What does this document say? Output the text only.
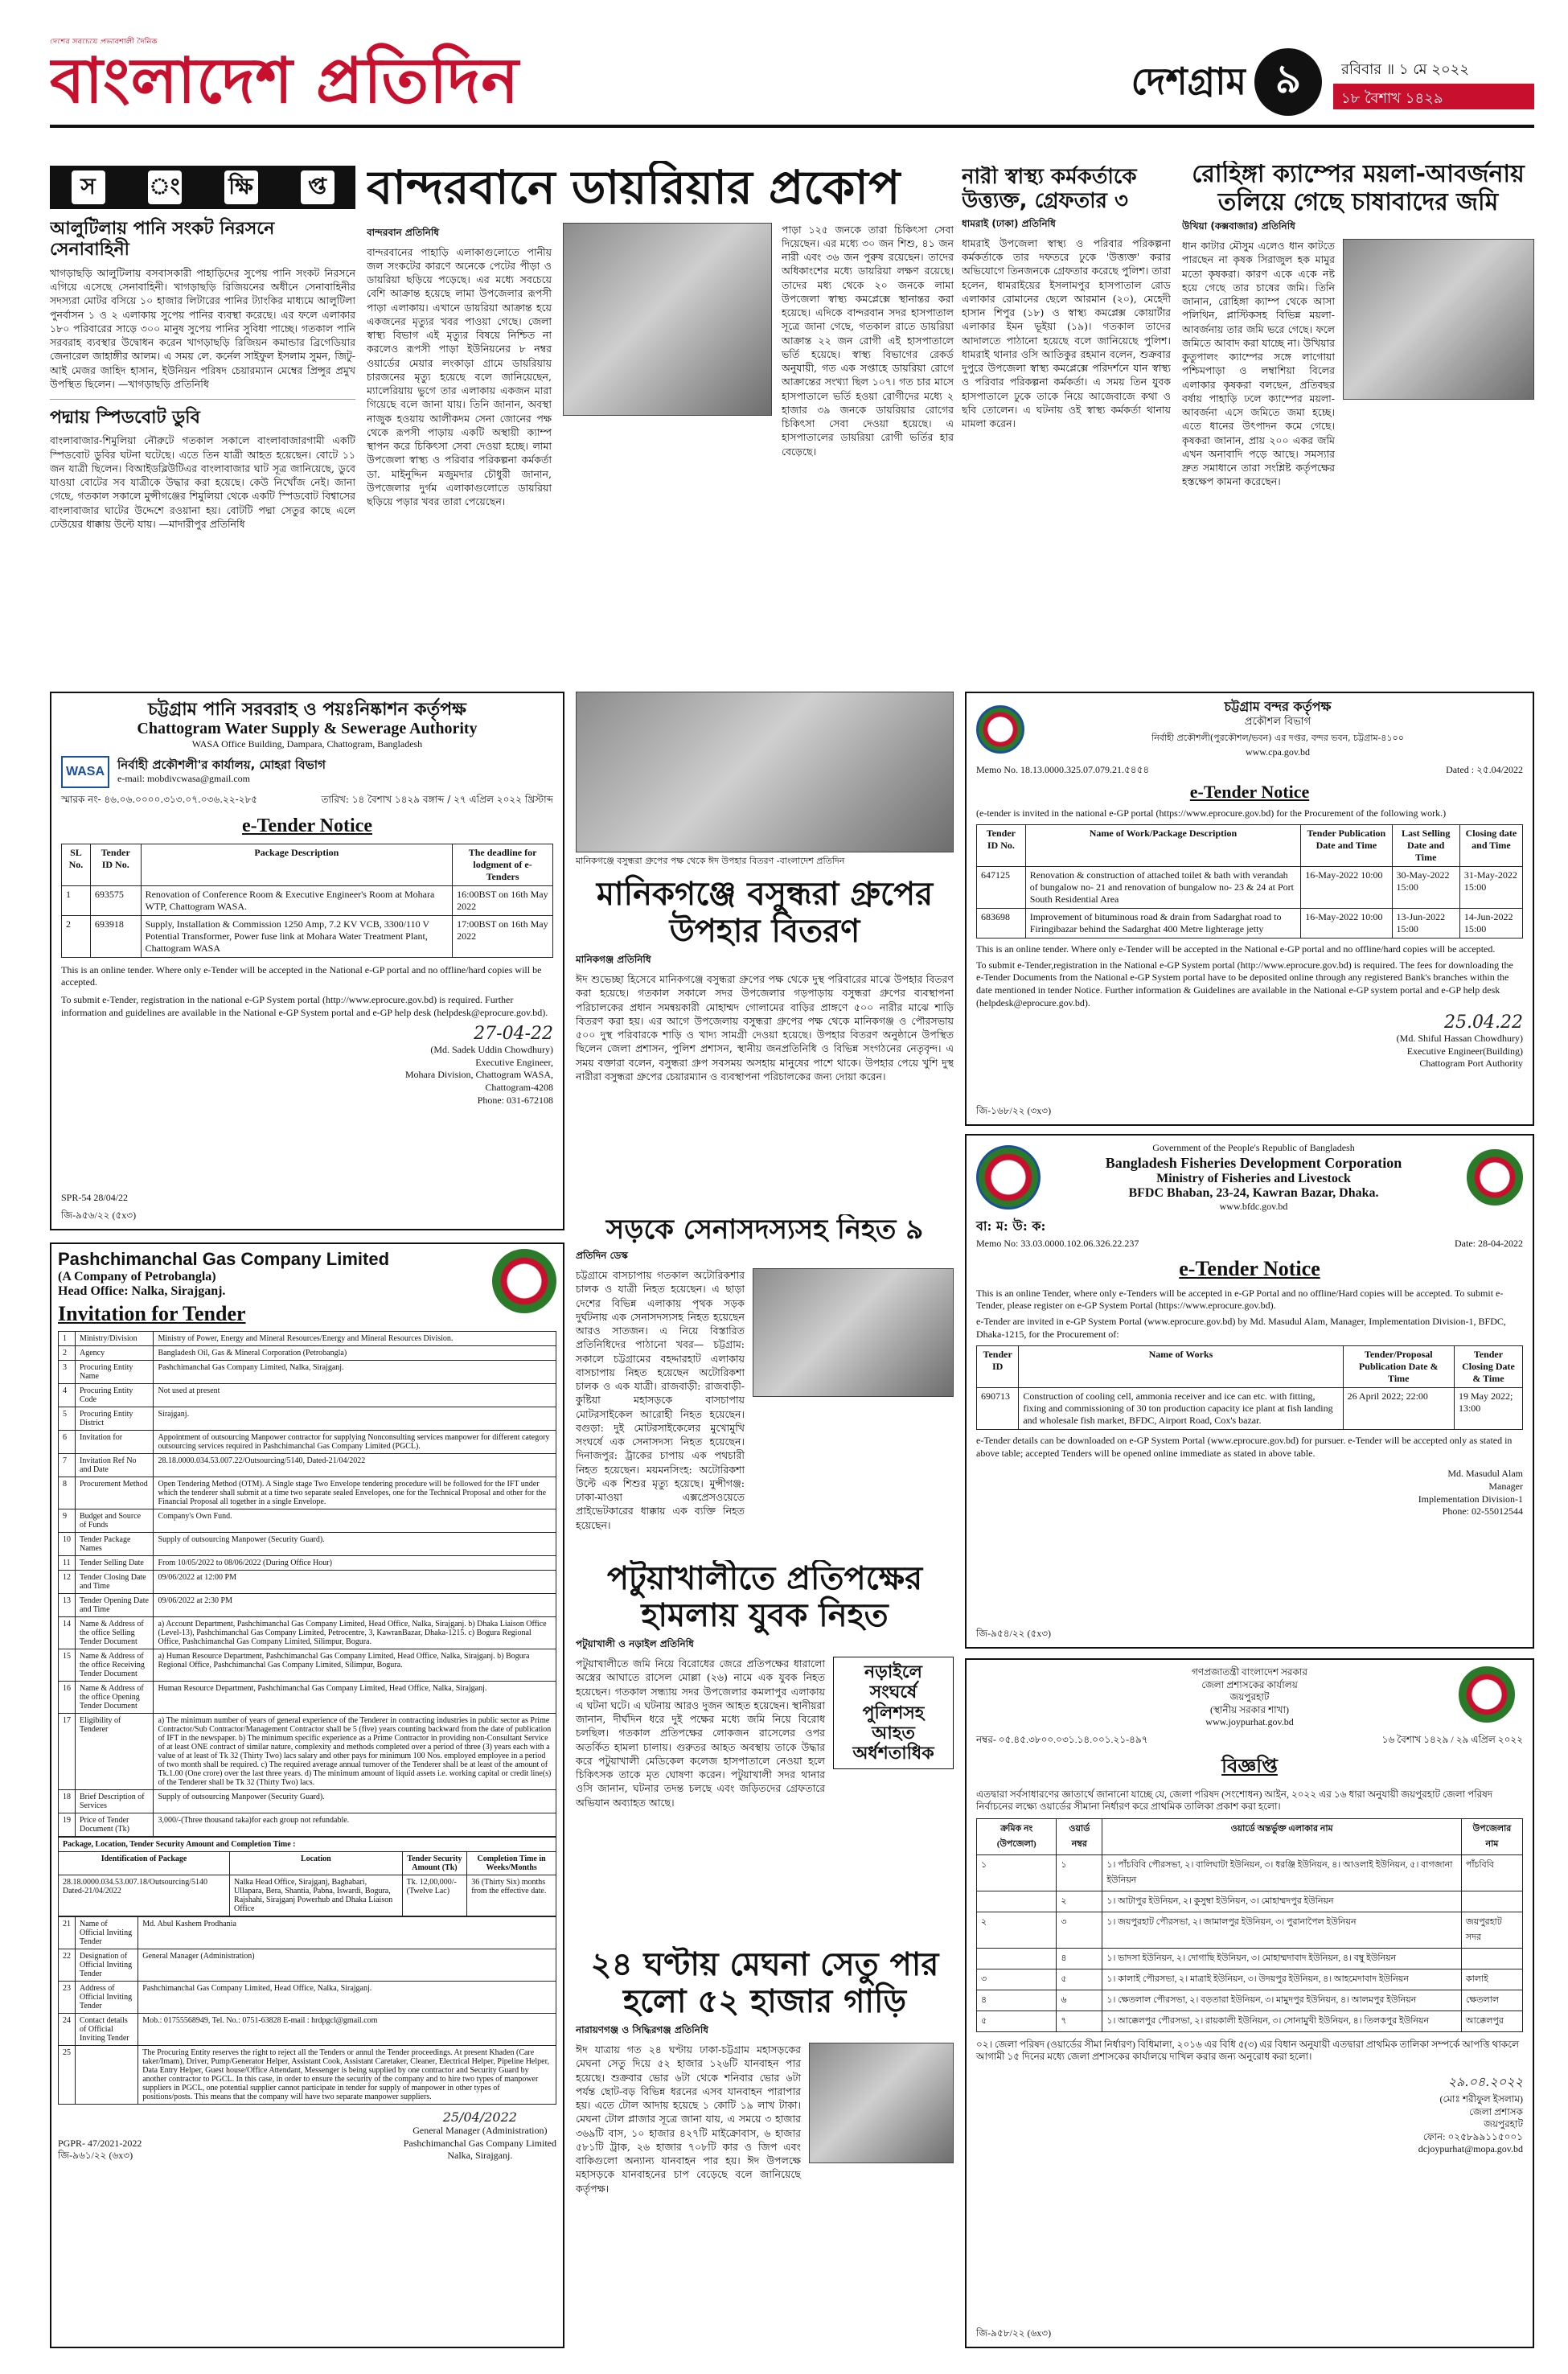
দেশের সবচেয়ে প্রভাবশালী দৈনিক
বাংলাদেশ প্রতিদিন	দেশগ্রাম ৯	রবিবার ॥ ১ মে ২০২২
১৮ বৈশাখ ১৪২৯
স	ং ক্ষি	প্ত
আলুটিলায় পানি সংকট নিরসনে সেনাবাহিনী
খাগড়াছড়ি আলুটিলায় বসবাসকারী পাহাড়িদের সুপেয় পানি সংকট নিরসনে এগিয়ে এসেছে সেনাবাহিনী। খাগড়াছড়ি রিজিয়নের অধীনে সেনাবাহিনীর সদস্যরা মোটর বসিয়ে ১০ হাজার লিটারের পানির ট্যাংকির মাধ্যমে আলুটিলা পুনর্বাসন ১ ও ২ এলাকায় সুপেয় পানির ব্যবস্থা করেছে। এর ফলে এলাকার ১৮০ পরিবারের সাড়ে ৩০০ মানুষ সুপেয় পানির সুবিধা পাচ্ছে। গতকাল পানি সরবরাহ ব্যবস্থার উদ্বোধন করেন খাগড়াছড়ি রিজিয়ন কমান্ডার ব্রিগেডিয়ার জেনারেল জাহাঙ্গীর আলম। এ সময় লে. কর্নেল সাইফুল ইসলাম সুমন, জিটু-আই মেজর জাহিদ হাসান, ইউনিয়ন পরিষদ চেয়ারম্যান মেম্বের প্রিন্সুর প্রমুখ উপস্থিত ছিলেন। —খাগড়াছড়ি প্রতিনিধি
পদ্মায় স্পিডবোট ডুবি
বাংলাবাজার-শিমুলিয়া নৌরুটে গতকাল সকালে বাংলাবাজারগামী একটি স্পিডবোট ডুবির ঘটনা ঘটেছে। এতে তিন যাত্রী আহত হয়েছেন। বোটে ১১ জন যাত্রী ছিলেন। বিআইডব্লিউটিএর বাংলাবাজার ঘাট সূত্র জানিয়েছে, ডুবে যাওয়া বোটের সব যাত্রীকে উদ্ধার করা হয়েছে। কেউ নিখোঁজ নেই। জানা গেছে, গতকাল সকালে মুন্সীগঞ্জের শিমুলিয়া থেকে একটি স্পিডবোট বিশ্বাসের বাংলাবাজার ঘাটের উদ্দেশে রওয়ানা হয়। বোটটি পদ্মা সেতুর কাছে এলে ঢেউয়ের ধাক্কায় উল্টে যায়। —মাদারীপুর প্রতিনিধি
বান্দরবানে ডায়রিয়ার প্রকোপ
বান্দরবান প্রতিনিধি
বান্দরবানের পাহাড়ি এলাকাগুলোতে পানীয় জল সংকটের কারণে অনেকে পেটের পীড়া ও ডায়রিয়া ছড়িয়ে পড়েছে। এর মধ্যে সবচেয়ে বেশি আক্রান্ত হয়েছে লামা উপজেলার রূপসী পাড়া এলাকায়। এখানে ডায়রিয়া আক্রান্ত হয়ে একজনের মৃত্যুর খবর পাওয়া গেছে। জেলা স্বাস্থ্য বিভাগ এই মৃত্যুর বিষয়ে নিশ্চিত না করলেও রূপসী পাড়া ইউনিয়নের ৮ নম্বর ওয়ার্ডের মেয়ার লংকাড়া গ্রামে ডায়রিয়ায় চারজনের মৃত্যু হয়েছে বলে জানিয়েছেন, ম্যালেরিয়ায় ভুগে তার এলাকায় একজন মারা গিয়েছে বলে জানা যায়। তিনি জানান, অবস্থা নাজুক হওয়ায় আলীকদম সেনা জোনের পক্ষ থেকে রূপসী পাড়ায় একটি অস্থায়ী ক্যাম্প স্থাপন করে চিকিৎসা সেবা দেওয়া হচ্ছে। লামা উপজেলা স্বাস্থ্য ও পরিবার পরিকল্পনা কর্মকর্তা ডা. মাইনুদ্দিন মজুমদার চৌধুরী জানান, উপজেলার দুর্গম এলাকাগুলোতে ডায়রিয়া ছড়িয়ে পড়ার খবর তারা পেয়েছেন।
পাড়া ১২৫ জনকে তারা চিকিৎসা সেবা দিয়েছেন। এর মধ্যে ৩০ জন শিশু, ৪১ জন নারী এবং ৩৬ জন পুরুষ রয়েছেন। তাদের অধিকাংশের মধ্যে ডায়রিয়া লক্ষণ রয়েছে। তাদের মধ্য থেকে ২০ জনকে লামা উপজেলা স্বাস্থ্য কমপ্লেক্সে স্থানান্তর করা হয়েছে। এদিকে বান্দরবান সদর হাসপাতাল সূত্রে জানা গেছে, গতকাল রাতে ডায়রিয়া আক্রান্ত ২২ জন রোগী এই হাসপাতালে ভর্তি হয়েছে। স্বাস্থ্য বিভাগের রেকর্ড অনুযায়ী, গত এক সপ্তাহে ডায়রিয়া রোগে আক্রান্তের সংখ্যা ছিল ১০৭। গত চার মাসে হাসপাতালে ভর্তি হওয়া রোগীদের মধ্যে ২ হাজার ৩৯ জনকে ডায়রিয়ার রোগের চিকিৎসা সেবা দেওয়া হয়েছে। এ হাসপাতালের ডায়রিয়া রোগী ভর্তির হার বেড়েছে।
নারী স্বাস্থ্য কর্মকর্তাকে উত্ত্যক্ত, গ্রেফতার ৩
ধামরাই (ঢাকা) প্রতিনিধি
ধামরাই উপজেলা স্বাস্থ্য ও পরিবার পরিকল্পনা কর্মকর্তাকে তার দফতরে ঢুকে 'উত্ত্যক্ত' করার অভিযোগে তিনজনকে গ্রেফতার করেছে পুলিশ। তারা হলেন, ধামরাইয়ের ইসলামপুর হাসপাতাল রোড এলাকার রোমানের ছেলে আরমান (২০), মেহেদী হাসান শিপুর (১৮) ও স্বাস্থ্য কমপ্লেক্স কোয়ার্টার এলাকার ইমন ভূইয়া (১৯)। গতকাল তাদের আদালতে পাঠানো হয়েছে বলে জানিয়েছে পুলিশ। ধামরাই থানার ওসি আতিকুর রহমান বলেন, শুক্রবার দুপুরে উপজেলা স্বাস্থ্য কমপ্লেক্সে পরিদর্শনে যান স্বাস্থ্য ও পরিবার পরিকল্পনা কর্মকর্তা। এ সময় তিন যুবক হাসপাতালে ঢুকে তাকে নিয়ে আজেবাজে কথা ও ছবি তোলেন। এ ঘটনায় ওই স্বাস্থ্য কর্মকর্তা থানায় মামলা করেন।
রোহিঙ্গা ক্যাম্পের ময়লা-আবর্জনায় তলিয়ে গেছে চাষাবাদের জমি
উখিয়া (কক্সবাজার) প্রতিনিধি
ধান কাটার মৌসুম এলেও ধান কাটতে পারছেন না কৃষক সিরাজুল হক মামুর মতো কৃষকরা। কারণ একে একে নষ্ট হয়ে গেছে তার চাষের জমি। তিনি জানান, রোহিঙ্গা ক্যাম্প থেকে আসা পলিথিন, প্লাস্টিকসহ বিভিন্ন ময়লা-আবর্জনায় তার জমি ভরে গেছে। ফলে জমিতে আবাদ করা যাচ্ছে না। উখিয়ার কুতুপালং ক্যাম্পের সঙ্গে লাগোয়া পশ্চিমপাড়া ও লম্বাশিয়া বিলের এলাকার কৃষকরা বলছেন, প্রতিবছর বর্ষায় পাহাড়ি ঢলে ক্যাম্পের ময়লা-আবর্জনা এসে জমিতে জমা হচ্ছে। এতে ধানের উৎপাদন কমে গেছে। কৃষকরা জানান, প্রায় ২০০ একর জমি এখন অনাবাদি পড়ে আছে। সমস্যার দ্রুত সমাধানে তারা সংশ্লিষ্ট কর্তৃপক্ষের হস্তক্ষেপ কামনা করেছেন।
চট্টগ্রাম পানি সরবরাহ ও পয়ঃনিষ্কাশন কর্তৃপক্ষ
Chattogram Water Supply & Sewerage Authority
WASA Office Building, Dampara, Chattogram, Bangladesh
WASA	নির্বাহী প্রকৌশলী'র কার্যালয়, মোহরা বিভাগ
e-mail: mobdivcwasa@gmail.com
স্মারক নং- ৪৬.০৬.০০০০.৩১৩.০৭.০৩৬.২২-২৮৫	তারিখ: ১৪ বৈশাখ ১৪২৯ বঙ্গাব্দ / ২৭ এপ্রিল ২০২২ খ্রিস্টাব্দ
e-Tender Notice
SL No.	Tender ID No.	Package Description	The deadline for lodgment of e-Tenders
1	693575	Renovation of Conference Room & Executive Engineer's Room at Mohara WTP, Chattogram WASA.	16:00BST on 16th May 2022
2	693918	Supply, Installation & Commission 1250 Amp, 7.2 KV VCB, 3300/110 V Potential Transformer, Power fuse link at Mohara Water Treatment Plant, Chattogram WASA	17:00BST on 16th May 2022
This is an online tender. Where only e-Tender will be accepted in the National e-GP portal and no offline/hard copies will be accepted.
To submit e-Tender, registration in the national e-GP System portal (http://www.eprocure.gov.bd) is required. Further information and guidelines are available in the National e-GP System portal and e-GP help desk (helpdesk@eprocure.gov.bd).
27-04-22
(Md. Sadek Uddin Chowdhury)
Executive Engineer,
Mohara Division, Chattogram WASA,
Chattogram-4208
Phone: 031-672108
SPR-54 28/04/22
জি-৯৫৬/২২ (৫x৩)
মানিকগঞ্জে বসুন্ধরা গ্রুপের পক্ষ থেকে ঈদ উপহার বিতরণ -বাংলাদেশ প্রতিদিন
মানিকগঞ্জে বসুন্ধরা গ্রুপের উপহার বিতরণ
মানিকগঞ্জ প্রতিনিধি
ঈদ শুভেচ্ছা হিসেবে মানিকগঞ্জে বসুন্ধরা গ্রুপের পক্ষ থেকে দুস্থ পরিবারের মাঝে উপহার বিতরণ করা হয়েছে। গতকাল সকালে সদর উপজেলার গড়পাড়ায় বসুন্ধরা গ্রুপের ব্যবস্থাপনা পরিচালকের প্রধান সমন্বয়কারী মোহাম্মদ গোলামের বাড়ির প্রাঙ্গণে ৫০০ নারীর মাঝে শাড়ি বিতরণ করা হয়। এর আগে উপজেলায় বসুন্ধরা গ্রুপের পক্ষ থেকে মানিকগঞ্জ ও পৌরসভায় ৫০০ দুস্থ পরিবারকে শাড়ি ও খাদ্য সামগ্রী দেওয়া হয়েছে। উপহার বিতরণ অনুষ্ঠানে উপস্থিত ছিলেন জেলা প্রশাসন, পুলিশ প্রশাসন, স্থানীয় জনপ্রতিনিধি ও বিভিন্ন সংগঠনের নেতৃবৃন্দ। এ সময় বক্তারা বলেন, বসুন্ধরা গ্রুপ সবসময় অসহায় মানুষের পাশে থাকে। উপহার পেয়ে খুশি দুস্থ নারীরা বসুন্ধরা গ্রুপের চেয়ারম্যান ও ব্যবস্থাপনা পরিচালকের জন্য দোয়া করেন।
চট্টগ্রাম বন্দর কর্তৃপক্ষ
প্রকৌশল বিভাগ
নির্বাহী প্রকৌশলী(পুরকৌশল/ভবন) এর দপ্তর, বন্দর ভবন, চট্টগ্রাম-৪১০০
www.cpa.gov.bd
Memo No. 18.13.0000.325.07.079.21.৫৪৫৪	Dated : ২৫.04/2022
e-Tender Notice
(e-tender is invited in the national e-GP portal (https://www.eprocure.gov.bd) for the Procurement of the following work.)
Tender ID No.	Name of Work/Package Description	Tender Publication Date and Time	Last Selling Date and Time	Closing date and Time
647125	Renovation & construction of attached toilet & bath with verandah of bungalow no- 21 and renovation of bungalow no- 23 & 24 at Port South Residential Area	16-May-2022 10:00	30-May-2022 15:00	31-May-2022 15:00
683698	Improvement of bituminous road & drain from Sadarghat road to Firingibazar behind the Sadarghat 400 Metre lighterage jetty	16-May-2022 10:00	13-Jun-2022 15:00	14-Jun-2022 15:00
This is an online tender. Where only e-Tender will be accepted in the National e-GP portal and no offline/hard copies will be accepted.
To submit e-Tender,registration in the National e-GP System portal (http://www.eprocure.gov.bd) is required. The fees for downloading the e-Tender Documents from the National e-GP System portal have to be deposited online through any registered Bank's branches within the date mentioned in tender Notice. Further information & Guidelines are available in the National e-GP system portal and e-GP help desk (helpdesk@eprocure.gov.bd).
25.04.22
(Md. Shiful Hassan Chowdhury)
Executive Engineer(Building)
Chattogram Port Authority
জি-১৬৮/২২ (৩x৩)
সড়কে সেনাসদস্যসহ নিহত ৯
প্রতিদিন ডেস্ক
চট্টগ্রামে বাসচাপায় গতকাল অটোরিকশার চালক ও যাত্রী নিহত হয়েছেন। এ ছাড়া দেশের বিভিন্ন এলাকায় পৃথক সড়ক দুর্ঘটনায় এক সেনাসদস্যসহ নিহত হয়েছেন আরও সাতজন। এ নিয়ে বিস্তারিত প্রতিনিধিদের পাঠানো খবর— চট্টগ্রাম: সকালে চট্টগ্রামের বহদ্দারহাট এলাকায় বাসচাপায় নিহত হয়েছেন অটোরিকশা চালক ও এক যাত্রী। রাজবাড়ী: রাজবাড়ী-কুষ্টিয়া মহাসড়কে বাসচাপায় মোটরসাইকেল আরোহী নিহত হয়েছেন। বগুড়া: দুই মোটরসাইকেলের মুখোমুখি সংঘর্ষে এক সেনাসদস্য নিহত হয়েছেন। দিনাজপুর: ট্রাকের চাপায় এক পথচারী নিহত হয়েছেন। ময়মনসিংহ: অটোরিকশা উল্টে এক শিশুর মৃত্যু হয়েছে। মুন্সীগঞ্জ: ঢাকা-মাওয়া এক্সপ্রেসওয়েতে প্রাইভেটকারের ধাক্কায় এক ব্যক্তি নিহত হয়েছেন।
Pashchimanchal Gas Company Limited
(A Company of Petrobangla)
Head Office: Nalka, Sirajganj.
Invitation for Tender
1	Ministry/Division	Ministry of Power, Energy and Mineral Resources/Energy and Mineral Resources Division.
2	Agency	Bangladesh Oil, Gas & Mineral Corporation (Petrobangla)
3	Procuring Entity Name	Pashchimanchal Gas Company Limited, Nalka, Sirajganj.
4	Procuring Entity Code	Not used at present
5	Procuring Entity District	Sirajganj.
6	Invitation for	Appointment of outsourcing Manpower contractor for supplying Nonconsulting services manpower for different category outsourcing services required in Pashchimanchal Gas Company Limited (PGCL).
7	Invitation Ref No and Date	28.18.0000.034.53.007.22/Outsourcing/5140, Dated-21/04/2022
8	Procurement Method	Open Tendering Method (OTM). A Single stage Two Envelope tendering procedure will be followed for the IFT under which the tenderer shall submit at a time two separate sealed Envelopes, one for the Technical Proposal and other for the Financial Proposal all together in a single Envelope.
9	Budget and Source of Funds	Company's Own Fund.
10	Tender Package Names	Supply of outsourcing Manpower (Security Guard).
11	Tender Selling Date	From 10/05/2022 to 08/06/2022 (During Office Hour)
12	Tender Closing Date and Time	09/06/2022 at 12:00 PM
13	Tender Opening Date and Time	09/06/2022 at 2:30 PM
14	Name & Address of the office Selling Tender Document	a) Account Department, Pashchimanchal Gas Company Limited, Head Office, Nalka, Sirajganj. b) Dhaka Liaison Office (Level-13), Pashchimanchal Gas Company Limited, Petrocentre, 3, KawranBazar, Dhaka-1215. c) Bogura Regional Office, Pashchimanchal Gas Company Limited, Silimpur, Bogura.
15	Name & Address of the office Receiving Tender Document	a) Human Resource Department, Pashchimanchal Gas Company Limited, Head Office, Nalka, Sirajganj. b) Bogura Regional Office, Pashchimanchal Gas Company Limited, Silimpur, Bogura.
16	Name & Address of the office Opening Tender Document	Human Resource Department, Pashchimanchal Gas Company Limited, Head Office, Nalka, Sirajganj.
17	Eligibility of Tenderer	a) The minimum number of years of general experience of the Tenderer in contracting industries in public sector as Prime Contractor/Sub Contractor/Management Contractor shall be 5 (five) years counting backward from the date of publication of IFT in the newspaper. b) The minimum specific experience as a Prime Contractor in providing non-Consultant Service of at least ONE contract of similar nature, complexity and methods completed over a period of three (3) years each with a value of at least of Tk 32 (Thirty Two) lacs salary and other pays for minimum 100 Nos. employed employee in a period of two month shall be required. c) The required average annual turnover of the Tenderer shall be at least of the amount of Tk.1.00 (One crore) over the last three years. d) The minimum amount of liquid assets i.e. working capital or credit line(s) of the Tenderer shall be Tk 32 (Thirty Two) lacs.
18	Brief Description of Services	Supply of outsourcing Manpower (Security Guard).
19	Price of Tender Document (Tk)	3,000/-(Three thousand taka)for each group not refundable.
Package, Location, Tender Security Amount and Completion Time :			
Identification of Package	Location	Tender Security Amount (Tk)	Completion Time in Weeks/Months
28.18.0000.034.53.007.18/Outsourcing/5140 Dated-21/04/2022	Nalka Head Office, Sirajganj, Baghabari, Ullapara, Bera, Shantia, Pabna, Iswardi, Bogura, Rajshahi, Sirajganj Powerhub and Dhaka Liaison Office	Tk. 12,00,000/- (Twelve Lac)	36 (Thirty Six) months from the effective date.
21	Name of Official Inviting Tender	Md. Abul Kashem Prodhania
22	Designation of Official Inviting Tender	General Manager (Administration)
23	Address of Official Inviting Tender	Pashchimanchal Gas Company Limited, Head Office, Nalka, Sirajganj.
24	Contact details of Official Inviting Tender	Mob.: 01755568949, Tel. No.: 0751-63828 E-mail : hrdpgcl@gmail.com
25		The Procuring Entity reserves the right to reject all the Tenders or annul the Tender proceedings. At present Khaden (Care taker/Imam), Driver, Pump/Generator Helper, Assistant Cook, Assistant Caretaker, Cleaner, Electrical Helper, Pipeline Helper, Data Entry Helper, Guest house/Office Attendant, Messenger is being supplied by one contractor and Security Guard by another contractor to PGCL. In this case, in order to ensure the security of the company and to hire two types of manpower suppliers in PGCL, one potential supplier cannot participate in tender for supply of manpower in other types of positions/posts. This means that the company will have two separate manpower suppliers.
PGPR- 47/2021-2022
জি-৯৬১/২২ (৬x৩)
25/04/2022
General Manager (Administration)
Pashchimanchal Gas Company Limited
Nalka, Sirajganj.
পটুয়াখালীতে প্রতিপক্ষের হামলায় যুবক নিহত
পটুয়াখালী ও নড়াইল প্রতিনিধি
পটুয়াখালীতে জমি নিয়ে বিরোধের জেরে প্রতিপক্ষের ধারালো অস্ত্রের আঘাতে রাসেল মোল্লা (২৬) নামে এক যুবক নিহত হয়েছেন। গতকাল সন্ধ্যায় সদর উপজেলার কমলাপুর এলাকায় এ ঘটনা ঘটে। এ ঘটনায় আরও দুজন আহত হয়েছেন। স্থানীয়রা জানান, দীর্ঘদিন ধরে দুই পক্ষের মধ্যে জমি নিয়ে বিরোধ চলছিল। গতকাল প্রতিপক্ষের লোকজন রাসেলের ওপর অতর্কিত হামলা চালায়। গুরুতর আহত অবস্থায় তাকে উদ্ধার করে পটুয়াখালী মেডিকেল কলেজ হাসপাতালে নেওয়া হলে চিকিৎসক তাকে মৃত ঘোষণা করেন। পটুয়াখালী সদর থানার ওসি জানান, ঘটনার তদন্ত চলছে এবং জড়িতদের গ্রেফতারে অভিযান অব্যাহত আছে।
নড়াইলে সংঘর্ষে পুলিশসহ আহত অর্ধশতাধিক
২৪ ঘণ্টায় মেঘনা সেতু পার হলো ৫২ হাজার গাড়ি
নারায়ণগঞ্জ ও সিদ্ধিরগঞ্জ প্রতিনিধি
ঈদ যাত্রায় গত ২৪ ঘণ্টায় ঢাকা-চট্টগ্রাম মহাসড়কের মেঘনা সেতু দিয়ে ৫২ হাজার ১২৬টি যানবাহন পার হয়েছে। শুক্রবার ভোর ৬টা থেকে শনিবার ভোর ৬টা পর্যন্ত ছোট-বড় বিভিন্ন ধরনের এসব যানবাহন পারাপার হয়। এতে টোল আদায় হয়েছে ১ কোটি ১৯ লাখ টাকা। মেঘনা টোল প্লাজার সূত্রে জানা যায়, এ সময়ে ৩ হাজার ৩৬৯টি বাস, ১০ হাজার ৪২৭টি মাইক্রোবাস, ৬ হাজার ৫৮১টি ট্রাক, ২৬ হাজার ৭০৮টি কার ও জিপ এবং বাকিগুলো অন্যান্য যানবাহন পার হয়। ঈদ উপলক্ষে মহাসড়কে যানবাহনের চাপ বেড়েছে বলে জানিয়েছে কর্তৃপক্ষ।
Government of the People's Republic of Bangladesh
Bangladesh Fisheries Development Corporation
Ministry of Fisheries and Livestock
BFDC Bhaban, 23-24, Kawran Bazar, Dhaka.
www.bfdc.gov.bd
বা: ম: উ: ক:
Memo No: 33.03.0000.102.06.326.22.237	Date: 28-04-2022
e-Tender Notice
This is an online Tender, where only e-Tenders will be accepted in e-GP Portal and no offline/Hard copies will be accepted. To submit e-Tender, please register on e-GP System Portal (https://www.eprocure.gov.bd).
e-Tender are invited in e-GP System Portal (www.eprocure.gov.bd) by Md. Masudul Alam, Manager, Implementation Division-1, BFDC, Dhaka-1215, for the Procurement of:
Tender ID	Name of Works	Tender/Proposal Publication Date & Time	Tender Closing Date & Time
690713	Construction of cooling cell, ammonia receiver and ice can etc. with fitting, fixing and commissioning of 30 ton production capacity ice plant at fish landing and wholesale fish market, BFDC, Airport Road, Cox's bazar.	26 April 2022; 22:00	19 May 2022; 13:00
e-Tender details can be downloaded on e-GP System Portal (www.eprocure.gov.bd) for pursuer. e-Tender will be accepted only as stated in above table; accepted Tenders will be opened online immediate as stated in above table.
Md. Masudul Alam
Manager
Implementation Division-1
Phone: 02-55012544
জি-৯৫৪/২২ (৫x৩)
গণপ্রজাতন্ত্রী বাংলাদেশ সরকার
জেলা প্রশাসকের কার্যালয়
জয়পুরহাট
(স্থানীয় সরকার শাখা)
www.joypurhat.gov.bd
নম্বর- ০৫.৪৫.৩৮০০.০৩১.১৪.০০১.২১-৪৯৭	১৬ বৈশাখ ১৪২৯ / ২৯ এপ্রিল ২০২২
বিজ্ঞপ্তি
এতদ্বারা সর্বসাধারণের জ্ঞাতার্থে জানানো যাচ্ছে যে, জেলা পরিষদ (সংশোধন) আইন, ২০২২ এর ১৬ ধারা অনুযায়ী জয়পুরহাট জেলা পরিষদ নির্বাচনের লক্ষ্যে ওয়ার্ডের সীমানা নির্ধারণ করে প্রাথমিক তালিকা প্রকাশ করা হলো।
ক্রমিক নং (উপজেলা)	ওয়ার্ড নম্বর	ওয়ার্ডে অন্তর্ভুক্ত এলাকার নাম	উপজেলার নাম
১	১	১। পাঁচবিবি পৌরসভা, ২। বালিঘাটা ইউনিয়ন, ৩। ধরঞ্জি ইউনিয়ন, ৪। আওলাই ইউনিয়ন, ৫। বাগজানা ইউনিয়ন	পাঁচবিবি
	২	১। আটাপুর ইউনিয়ন, ২। কুসুম্বা ইউনিয়ন, ৩। মোহাম্মদপুর ইউনিয়ন	
২	৩	১। জয়পুরহাট পৌরসভা, ২। জামালপুর ইউনিয়ন, ৩। পুরানাপৈল ইউনিয়ন	জয়পুরহাট সদর
	৪	১। ভাদসা ইউনিয়ন, ২। দোগাছি ইউনিয়ন, ৩। মোহাম্মদাবাদ ইউনিয়ন, ৪। বম্বু ইউনিয়ন	
৩	৫	১। কালাই পৌরসভা, ২। মাত্রাই ইউনিয়ন, ৩। উদয়পুর ইউনিয়ন, ৪। আহমেদাবাদ ইউনিয়ন	কালাই
৪	৬	১। ক্ষেতলাল পৌরসভা, ২। বড়তারা ইউনিয়ন, ৩। মামুদপুর ইউনিয়ন, ৪। আলমপুর ইউনিয়ন	ক্ষেতলাল
৫	৭	১। আক্কেলপুর পৌরসভা, ২। রায়কালী ইউনিয়ন, ৩। সোনামুখী ইউনিয়ন, ৪। তিলকপুর ইউনিয়ন	আক্কেলপুর
০২। জেলা পরিষদ (ওয়ার্ডের সীমা নির্ধারণ) বিধিমালা, ২০১৬ এর বিধি ৫(৩) এর বিধান অনুযায়ী এতদ্বারা প্রাথমিক তালিকা সম্পর্কে আপত্তি থাকলে আগামী ১৫ দিনের মধ্যে জেলা প্রশাসকের কার্যালয়ে দাখিল করার জন্য অনুরোধ করা হলো।
২৯.০৪.২০২২
(মোঃ শরীফুল ইসলাম)
জেলা প্রশাসক
জয়পুরহাট
ফোন: ০২৫৮৯৯১১৫০০১
dcjoypurhat@mopa.gov.bd
জি-৯৫৮/২২ (৬x৩)
